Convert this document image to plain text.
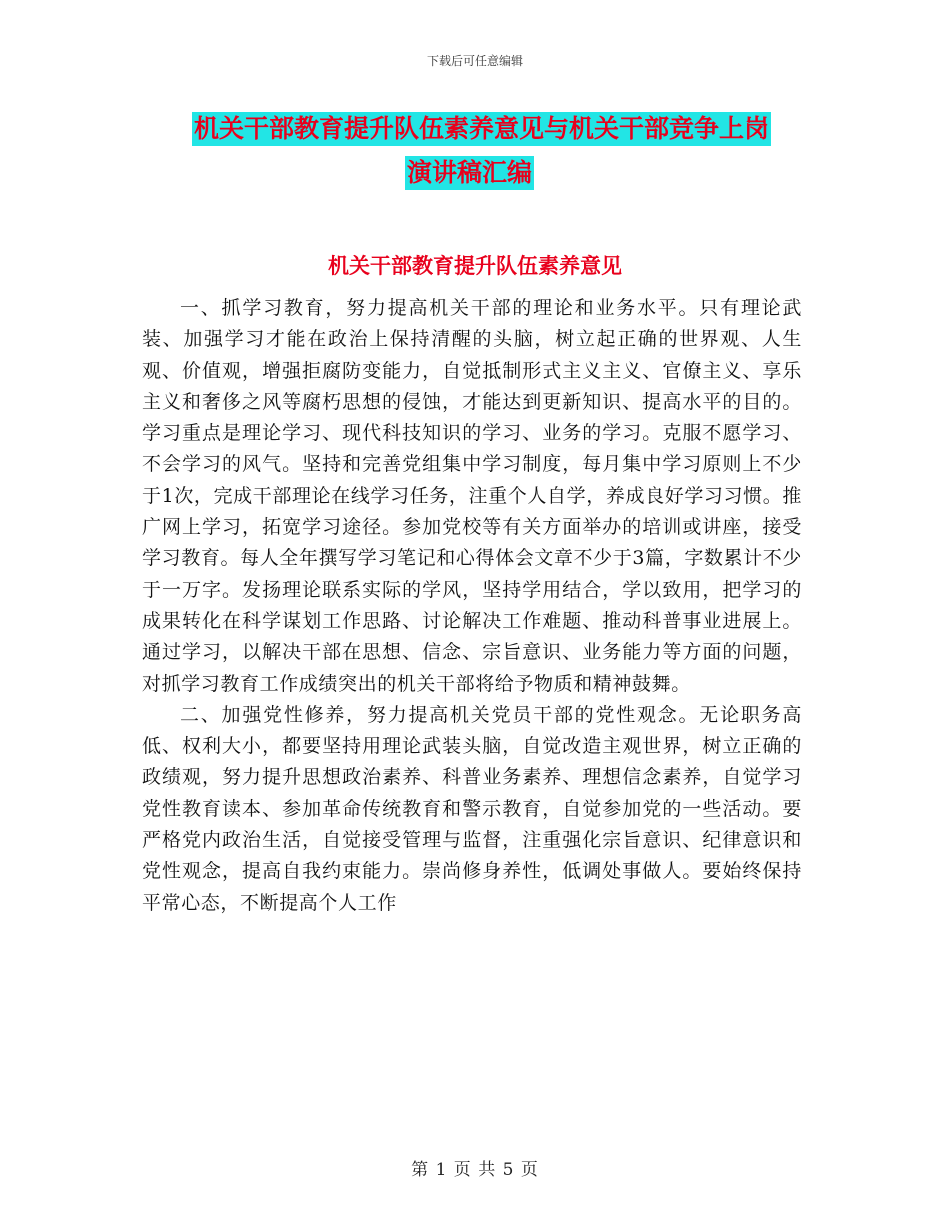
下载后可任意编辑
机关干部教育提升队伍素养意见与机关干部竞争上岗
演讲稿汇编
机关干部教育提升队伍素养意见

一、抓学习教育，努力提高机关干部的理论和业务水平。只有理论武装、加强学习才能在政治上保持清醒的头脑，树立起正确的世界观、人生观、价值观，增强拒腐防变能力，自觉抵制形式主义主义、官僚主义、享乐主义和奢侈之风等腐朽思想的侵蚀，才能达到更新知识、提高水平的目的。学习重点是理论学习、现代科技知识的学习、业务的学习。克服不愿学习、不会学习的风气。坚持和完善党组集中学习制度，每月集中学习原则上不少于1次，完成干部理论在线学习任务，注重个人自学，养成良好学习习惯。推广网上学习，拓宽学习途径。参加党校等有关方面举办的培训或讲座，接受学习教育。每人全年撰写学习笔记和心得体会文章不少于3篇，字数累计不少于一万字。发扬理论联系实际的学风，坚持学用结合，学以致用，把学习的成果转化在科学谋划工作思路、讨论解决工作难题、推动科普事业进展上。通过学习，以解决干部在思想、信念、宗旨意识、业务能力等方面的问题，对抓学习教育工作成绩突出的机关干部将给予物质和精神鼓舞。

二、加强党性修养，努力提高机关党员干部的党性观念。无论职务高低、权利大小，都要坚持用理论武装头脑，自觉改造主观世界，树立正确的政绩观，努力提升思想政治素养、科普业务素养、理想信念素养，自觉学习党性教育读本、参加革命传统教育和警示教育，自觉参加党的一些活动。要严格党内政治生活，自觉接受管理与监督，注重强化宗旨意识、纪律意识和党性观念，提高自我约束能力。崇尚修身养性，低调处事做人。要始终保持平常心态，不断提高个人工作

第 1 页 共 5 页
